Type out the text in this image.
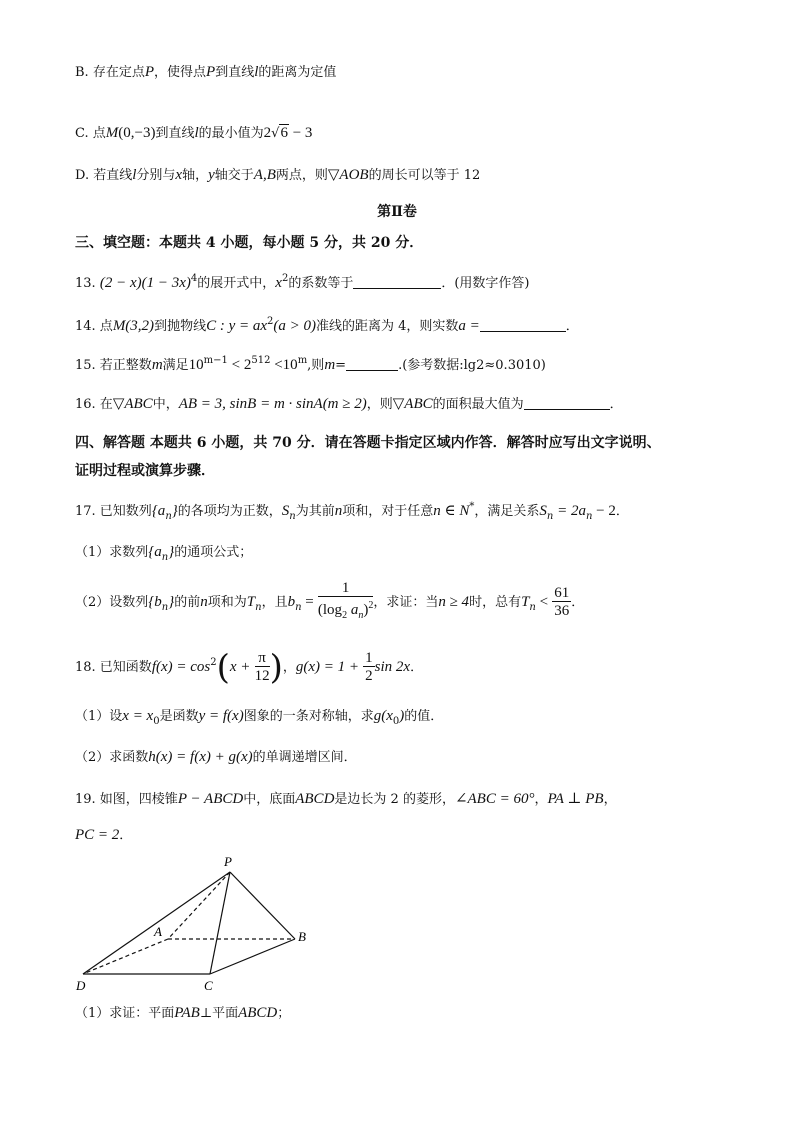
B. 存在定点P，使得点P到直线l的距离为定值
C. 点M(0,−3)到直线l的最小值为2√6 − 3
D. 若直线l分别与x轴，y轴交于A,B两点，则▽AOB的周长可以等于 12
第Ⅱ卷
三、填空题：本题共 4 小题，每小题 5 分，共 20 分．
13. $(2 - x)(1 - 3x)^4$的展开式中，$x^2$的系数等于	．(用数字作答)
14. 点M(3,2)到抛物线C : $y = ax^2(a > 0)$准线的距离为 4，则实数a =	．
15. 若正整数m满足$10^{m-1} < 2^{512} <10^m$,则m=	.(参考数据:lg2≈0.3010)
16. 在▽ABC中，AB = 3, sinB = m · sinA(m ≥ 2)，则▽ABC的面积最大值为	．
四、解答题 本题共 6 小题，共 70 分．请在答题卡指定区域内作答．解答时应写出文字说明、
证明过程或演算步骤．
17. 已知数列$\{a_n\}$的各项均为正数，$S_n$为其前n项和，对于任意n ∈ N*，满足关系$S_n = 2a_n - 2$．
（1）求数列$\{a_n\}$的通项公式；
（2）设数列$\{b_n\}$的前n项和为$T_n$，且$b_n = \frac{1}{(\log_2 a_n)^2}$ ，求证：当n ≥ 4时，总有$T_n < \frac{61}{36}$ ．
18. 已知函数$f(x) = \cos^2(x + \frac{\pi}{12}$ )，$g(x) = 1 + \frac{1}{2}$ sin 2x．
（1）设$x = x_0$是函数y = f(x)图象的一条对称轴，求$g(x_0)$的值．
（2）求函数h(x) = f(x) + g(x)的单调递增区间．
19. 如图，四棱锥P − ABCD中，底面ABCD是边长为 2 的菱形，∠ABC = 60°，PA ⊥ PB，
PC = 2．
P
A	B
C
D
（1）求证：平面PAB⊥平面ABCD；
